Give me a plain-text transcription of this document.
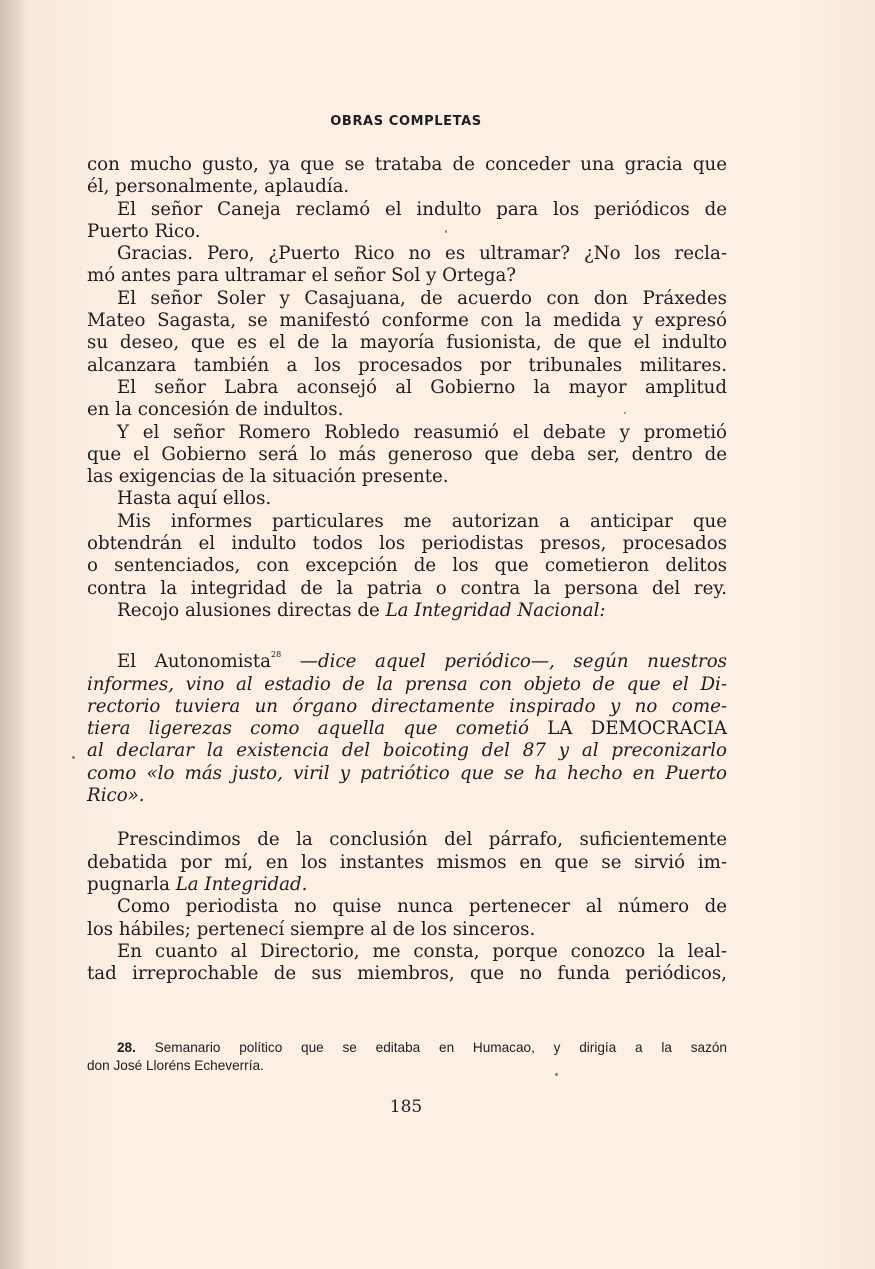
OBRAS COMPLETAS
con mucho gusto, ya que se trataba de conceder una gracia que
él, personalmente, aplaudía.
El señor Caneja reclamó el indulto para los periódicos de
Puerto Rico.
Gracias. Pero, ¿Puerto Rico no es ultramar? ¿No los recla-
mó antes para ultramar el señor Sol y Ortega?
El señor Soler y Casajuana, de acuerdo con don Práxedes
Mateo Sagasta, se manifestó conforme con la medida y expresó
su deseo, que es el de la mayoría fusionista, de que el indulto
alcanzara también a los procesados por tribunales militares.
El señor Labra aconsejó al Gobierno la mayor amplitud
en la concesión de indultos.
Y el señor Romero Robledo reasumió el debate y prometió
que el Gobierno será lo más generoso que deba ser, dentro de
las exigencias de la situación presente.
Hasta aquí ellos.
Mis informes particulares me autorizan a anticipar que
obtendrán el indulto todos los periodistas presos, procesados
o sentenciados, con excepción de los que cometieron delitos
contra la integridad de la patria o contra la persona del rey.
Recojo alusiones directas de La Integridad Nacional:
El Autonomista$^{28}$ —dice aquel periódico—, según nuestros
informes, vino al estadio de la prensa con objeto de que el Di-
rectorio tuviera un órgano directamente inspirado y no come-
tiera ligerezas como aquella que cometió LA DEMOCRACIA
al declarar la existencia del boicoting del 87 y al preconizarlo
como «lo más justo, viril y patriótico que se ha hecho en Puerto
Rico».
Prescindimos de la conclusión del párrafo, suficientemente
debatida por mí, en los instantes mismos en que se sirvió im-
pugnarla La Integridad.
Como periodista no quise nunca pertenecer al número de
los hábiles; pertenecí siempre al de los sinceros.
En cuanto al Directorio, me consta, porque conozco la leal-
tad irreprochable de sus miembros, que no funda periódicos,
28. Semanario político que se editaba en Humacao, y dirigía a la sazón
don José Lloréns Echeverría.
185
